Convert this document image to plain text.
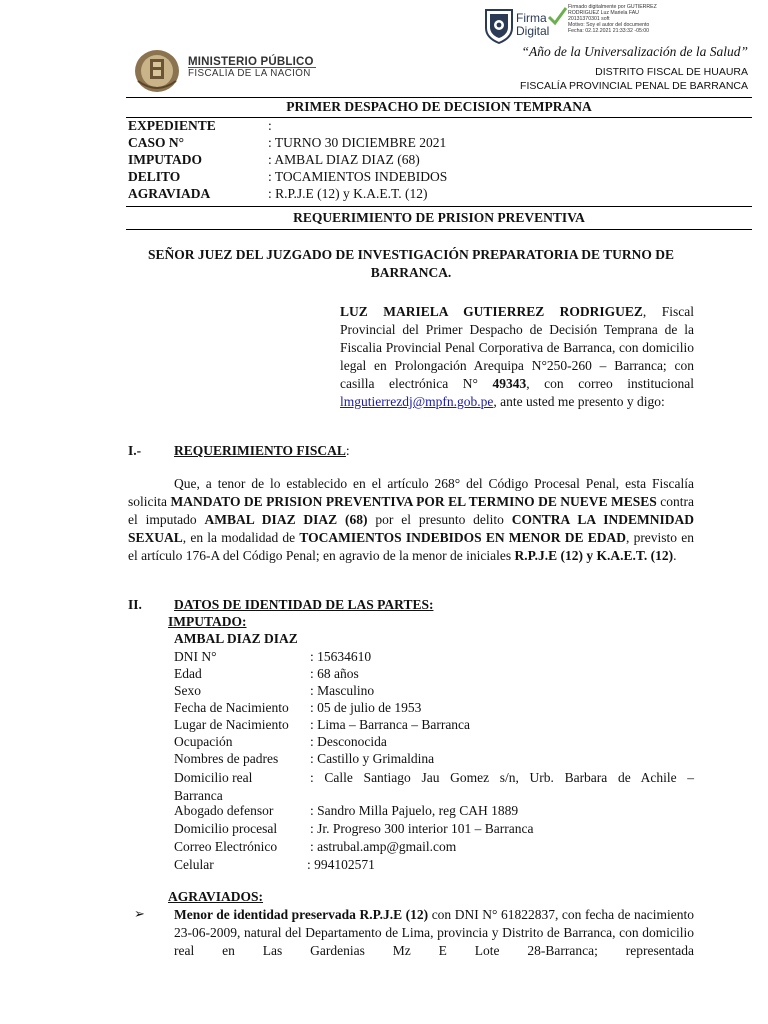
Firma
Digital
Firmado digitalmente por GUTIERREZ
RODRIGUEZ Luz Mariela FAU
20131370301 soft
Motivo: Soy el autor del documento
Fecha: 02.12.2021 21:33:32 -05:00
MINISTERIO PÚBLICO
FISCALÍA DE LA NACIÓN
“Año de la Universalización de la Salud”
DISTRITO FISCAL DE HUAURA
FISCALÍA PROVINCIAL PENAL DE BARRANCA
PRIMER DESPACHO DE DECISION TEMPRANA
EXPEDIENTE	:
CASO N°	: TURNO 30 DICIEMBRE 2021
IMPUTADO	: AMBAL DIAZ DIAZ (68)
DELITO	: TOCAMIENTOS INDEBIDOS
AGRAVIADA	: R.P.J.E (12) y K.A.E.T. (12)
REQUERIMIENTO DE PRISION PREVENTIVA
SEÑOR JUEZ DEL JUZGADO DE INVESTIGACIÓN PREPARATORIA DE TURNO DE BARRANCA.
LUZ MARIELA GUTIERREZ RODRIGUEZ, Fiscal Provincial del Primer Despacho de Decisión Temprana de la Fiscalia Provincial Penal Corporativa de Barranca, con domicilio legal en Prolongación Arequipa N°250-260 – Barranca; con casilla electrónica N° 49343, con correo institucional lmgutierrezdj@mpfn.gob.pe, ante usted me presento y digo:
I.- REQUERIMIENTO FISCAL:
Que, a tenor de lo establecido en el artículo 268° del Código Procesal Penal, esta Fiscalía solicita MANDATO DE PRISION PREVENTIVA POR EL TERMINO DE NUEVE MESES contra el imputado AMBAL DIAZ DIAZ (68) por el presunto delito CONTRA LA INDEMNIDAD SEXUAL, en la modalidad de TOCAMIENTOS INDEBIDOS EN MENOR DE EDAD, previsto en el artículo 176-A del Código Penal; en agravio de la menor de iniciales R.P.J.E (12) y K.A.E.T. (12).
II. DATOS DE IDENTIDAD DE LAS PARTES:
IMPUTADO:
AMBAL DIAZ DIAZ
DNI N°	: 15634610
Edad	: 68 años
Sexo	: Masculino
Fecha de Nacimiento : 05 de julio de 1953
Lugar de Nacimiento : Lima – Barranca – Barranca
Ocupación	: Desconocida
Nombres de padres : Castillo y Grimaldina
Domicilio real	: Calle Santiago Jau Gomez s/n, Urb. Barbara de Achile –
Barranca
Abogado defensor	: Sandro Milla Pajuelo, reg CAH 1889
Domicilio procesal : Jr. Progreso 300 interior 101 – Barranca
Correo Electrónico : astrubal.amp@gmail.com
Celular	: 994102571
AGRAVIADOS:
➢ Menor de identidad preservada R.P.J.E (12) con DNI N° 61822837, con fecha de nacimiento 23-06-2009, natural del Departamento de Lima, provincia y Distrito de Barranca, con domicilio real en Las Gardenias Mz E Lote 28-Barranca; representada
